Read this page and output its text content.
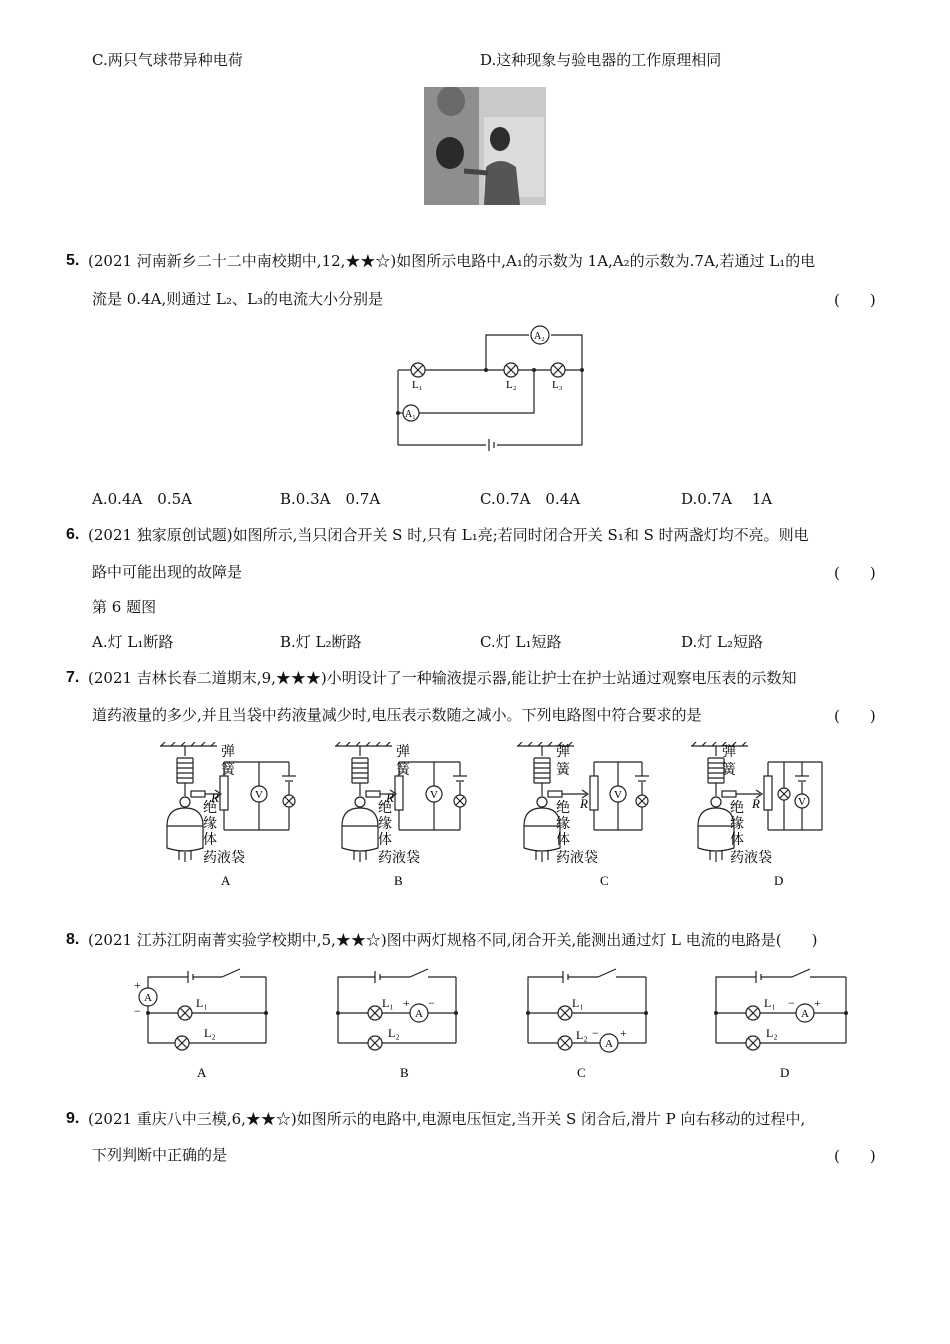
C.两只气球带异种电荷	D.这种现象与验电器的工作原理相同
5. (2021 河南新乡二十二中南校期中,12,★★☆)如图所示电路中,A₁的示数为 1A,A₂的示数为.7A,若通过 L₁的电
流是 0.4A,则通过 L₂、L₃的电流大小分别是	(　　)
L₁	L₂	L₃
A₂
A₁
A.0.4A　0.5A	B.0.3A　0.7A	C.0.7A　0.4A	D.0.7A　 1A
6. (2021 独家原创试题)如图所示,当只闭合开关 S 时,只有 L₁亮;若同时闭合开关 S₁和 S 时两盏灯均不亮。则电
路中可能出现的故障是	(　　)
第 6 题图
A.灯 L₁断路	B.灯 L₂断路	C.灯 L₁短路	D.灯 L₂短路
7. (2021 吉林长春二道期末,9,★★★)小明设计了一种输液提示器,能让护士在护士站通过观察电压表的示数知
道药液量的多少,并且当袋中药液量减少时,电压表示数随之减小。下列电路图中符合要求的是	(　　)
弹
簧
绝
缘
体
药液袋
R	V
A
弹
簧
绝
缘
体
药液袋
R	V
B
弹
簧
绝
缘
体
药液袋
R
V
C
弹
簧
绝
缘
体
药液袋
R	V
D
8. (2021 江苏江阴南菁实验学校期中,5,★★☆)图中两灯规格不同,闭合开关,能测出通过灯 L 电流的电路是(　　)
A
+
−
L₁
L₂
A
A
+ −
L₁
L₂
B
A
− +
L₁
L₂
C
A
− +
L₁
L₂
D
9. (2021 重庆八中三模,6,★★☆)如图所示的电路中,电源电压恒定,当开关 S 闭合后,滑片 P 向右移动的过程中,
下列判断中正确的是	(　　)
